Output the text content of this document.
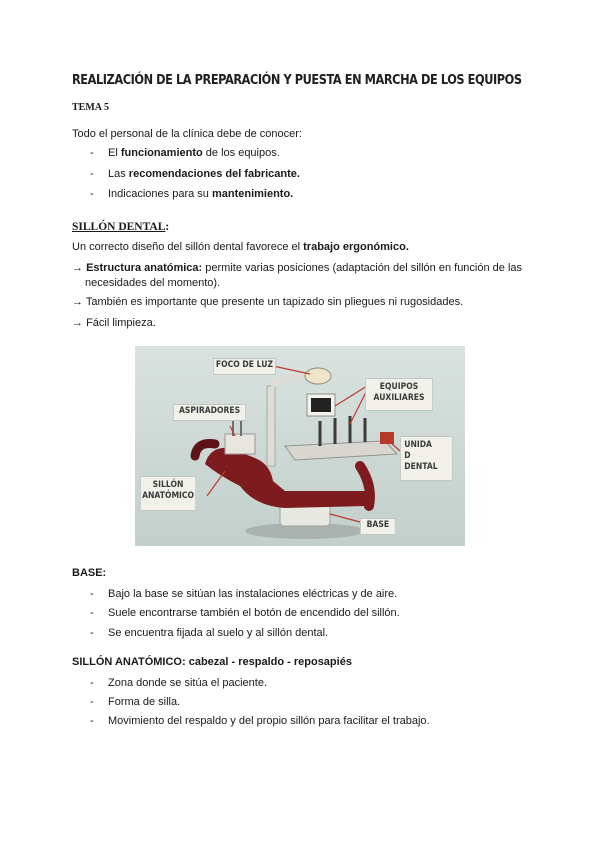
REALIZACIÓN DE LA PREPARACIÓN Y PUESTA EN MARCHA DE LOS EQUIPOS
TEMA 5
Todo el personal de la clínica debe de conocer:
- El funcionamiento de los equipos.
- Las recomendaciones del fabricante.
- Indicaciones para su mantenimiento.
SILLÓN DENTAL:
Un correcto diseño del sillón dental favorece el trabajo ergonómico.
→ Estructura anatómica: permite varias posiciones (adaptación del sillón en función de las
necesidades del momento).
→ También es importante que presente un tapizado sin pliegues ni rugosidades.
→ Fácil limpieza.
FOCO DE LUZ
EQUIPOS
AUXILIARES
ASPIRADORES
UNIDA
D
DENTAL
SILLÓN
ANATÓMICO
BASE
BASE:
- Bajo la base se sitúan las instalaciones eléctricas y de aire.
- Suele encontrarse también el botón de encendido del sillón.
- Se encuentra fijada al suelo y al sillón dental.
SILLÓN ANATÓMICO: cabezal - respaldo - reposapiés
- Zona donde se sitúa el paciente.
- Forma de silla.
- Movimiento del respaldo y del propio sillón para facilitar el trabajo.
